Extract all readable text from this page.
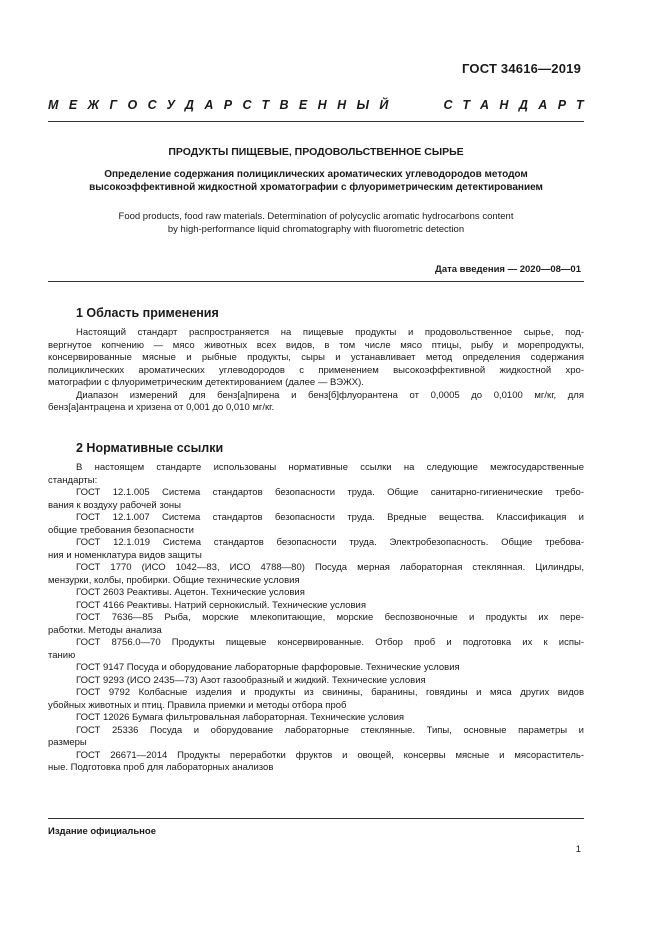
ГОСТ 34616—2019
МЕЖГОСУДАРСТВЕННЫЙ	СТАНДАРТ
ПРОДУКТЫ ПИЩЕВЫЕ, ПРОДОВОЛЬСТВЕННОЕ СЫРЬЕ
Определение содержания полициклических ароматических углеводородов методом
высокоэффективной жидкостной хроматографии с флуориметрическим детектированием
Food products, food raw materials. Determination of polycyclic aromatic hydrocarbons content
by high-performance liquid chromatography with fluorometric detection
Дата введения — 2020—08—01
1 Область применения
Настоящий стандарт распространяется на пищевые продукты и продовольственное сырье, под-
вергнутое копчению — мясо животных всех видов, в том числе мясо птицы, рыбу и морепродукты,
консервированные мясные и рыбные продукты, сыры и устанавливает метод определения содержания
полициклических ароматических углеводородов с применением высокоэффективной жидкостной хро-
матографии с флуориметрическим детектированием (далее — ВЭЖХ).
Диапазон измерений для бенз[а]пирена и бенз[б]флуорантена от 0,0005 до 0,0100 мг/кг, для
бенз[а]антрацена и хризена от 0,001 до 0,010 мг/кг.
2 Нормативные ссылки
В настоящем стандарте использованы нормативные ссылки на следующие межгосударственные
стандарты:
ГОСТ 12.1.005 Система стандартов безопасности труда. Общие санитарно-гигиенические требо-
вания к воздуху рабочей зоны
ГОСТ 12.1.007 Система стандартов безопасности труда. Вредные вещества. Классификация и
общие требования безопасности
ГОСТ 12.1.019 Система стандартов безопасности труда. Электробезопасность. Общие требова-
ния и номенклатура видов защиты
ГОСТ 1770 (ИСО 1042—83, ИСО 4788—80) Посуда мерная лабораторная стеклянная. Цилиндры,
мензурки, колбы, пробирки. Общие технические условия
ГОСТ 2603 Реактивы. Ацетон. Технические условия
ГОСТ 4166 Реактивы. Натрий сернокислый. Технические условия
ГОСТ 7636—85 Рыба, морские млекопитающие, морские беспозвоночные и продукты их пере-
работки. Методы анализа
ГОСТ 8756.0—70 Продукты пищевые консервированные. Отбор проб и подготовка их к испы-
танию
ГОСТ 9147 Посуда и оборудование лабораторные фарфоровые. Технические условия
ГОСТ 9293 (ИСО 2435—73) Азот газообразный и жидкий. Технические условия
ГОСТ 9792 Колбасные изделия и продукты из свинины, баранины, говядины и мяса других видов
убойных животных и птиц. Правила приемки и методы отбора проб
ГОСТ 12026 Бумага фильтровальная лабораторная. Технические условия
ГОСТ 25336 Посуда и оборудование лабораторные стеклянные. Типы, основные параметры и
размеры
ГОСТ 26671—2014 Продукты переработки фруктов и овощей, консервы мясные и мясораститель-
ные. Подготовка проб для лабораторных анализов
Издание официальное
1
